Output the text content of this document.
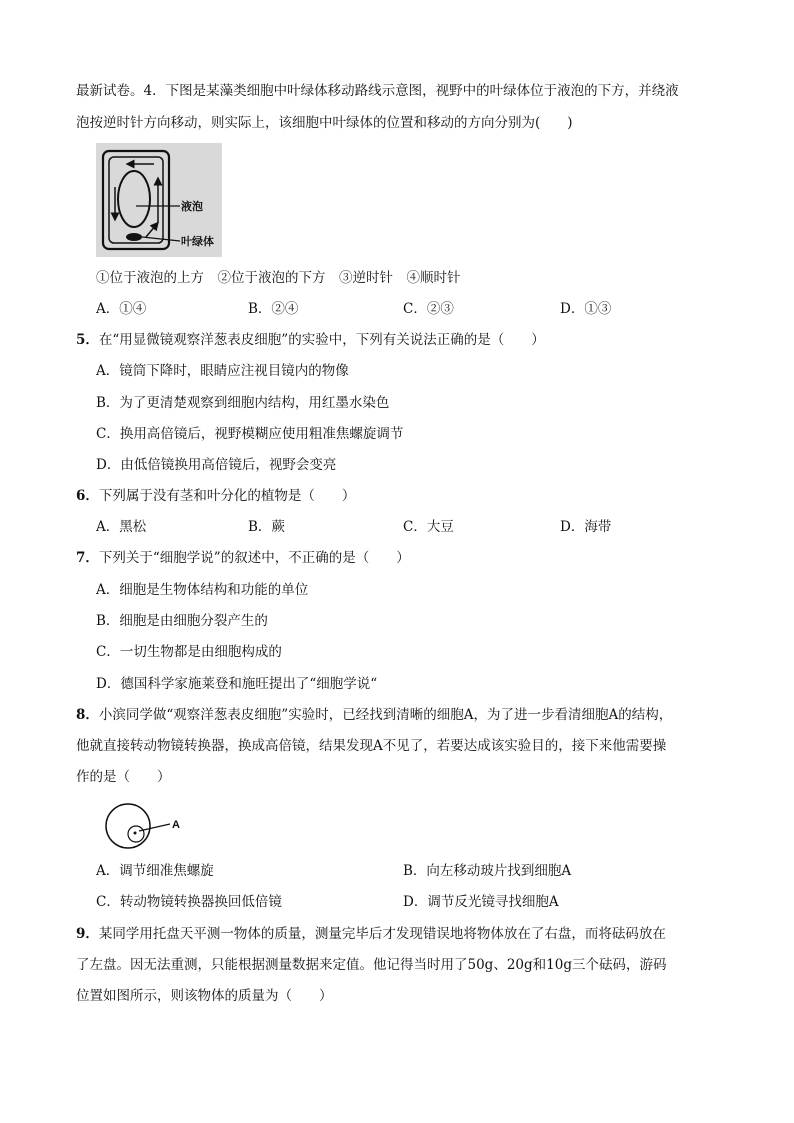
最新试卷。4．下图是某藻类细胞中叶绿体移动路线示意图，视野中的叶绿体位于液泡的下方，并绕液
泡按逆时针方向移动，则实际上，该细胞中叶绿体的位置和移动的方向分别为(　　)
液泡
叶绿体
①位于液泡的上方　②位于液泡的下方　③逆时针　④顺时针
A．①④	B．②④	C．②③	D．①③
5．在“用显微镜观察洋葱表皮细胞”的实验中，下列有关说法正确的是（　　）
A．镜筒下降时，眼睛应注视目镜内的物像
B．为了更清楚观察到细胞内结构，用红墨水染色
C．换用高倍镜后，视野模糊应使用粗准焦螺旋调节
D．由低倍镜换用高倍镜后，视野会变亮
6．下列属于没有茎和叶分化的植物是（　　）
A．黑松	B．蕨	C．大豆	D．海带
7．下列关于“细胞学说”的叙述中，不正确的是（　　）
A．细胞是生物体结构和功能的单位
B．细胞是由细胞分裂产生的
C．一切生物都是由细胞构成的
D．德国科学家施莱登和施旺提出了“细胞学说“
8．小滨同学做“观察洋葱表皮细胞”实验时，已经找到清晰的细胞A，为了进一步看清细胞A的结构，
他就直接转动物镜转换器，换成高倍镜，结果发现A不见了，若要达成该实验目的，接下来他需要操
作的是（　　）
A
A．调节细准焦螺旋	B．向左移动玻片找到细胞A
C．转动物镜转换器换回低倍镜	D．调节反光镜寻找细胞A
9．某同学用托盘天平测一物体的质量，测量完毕后才发现错误地将物体放在了右盘，而将砝码放在
了左盘。因无法重测，只能根据测量数据来定值。他记得当时用了50g、20g和10g三个砝码，游码
位置如图所示，则该物体的质量为（　　）
